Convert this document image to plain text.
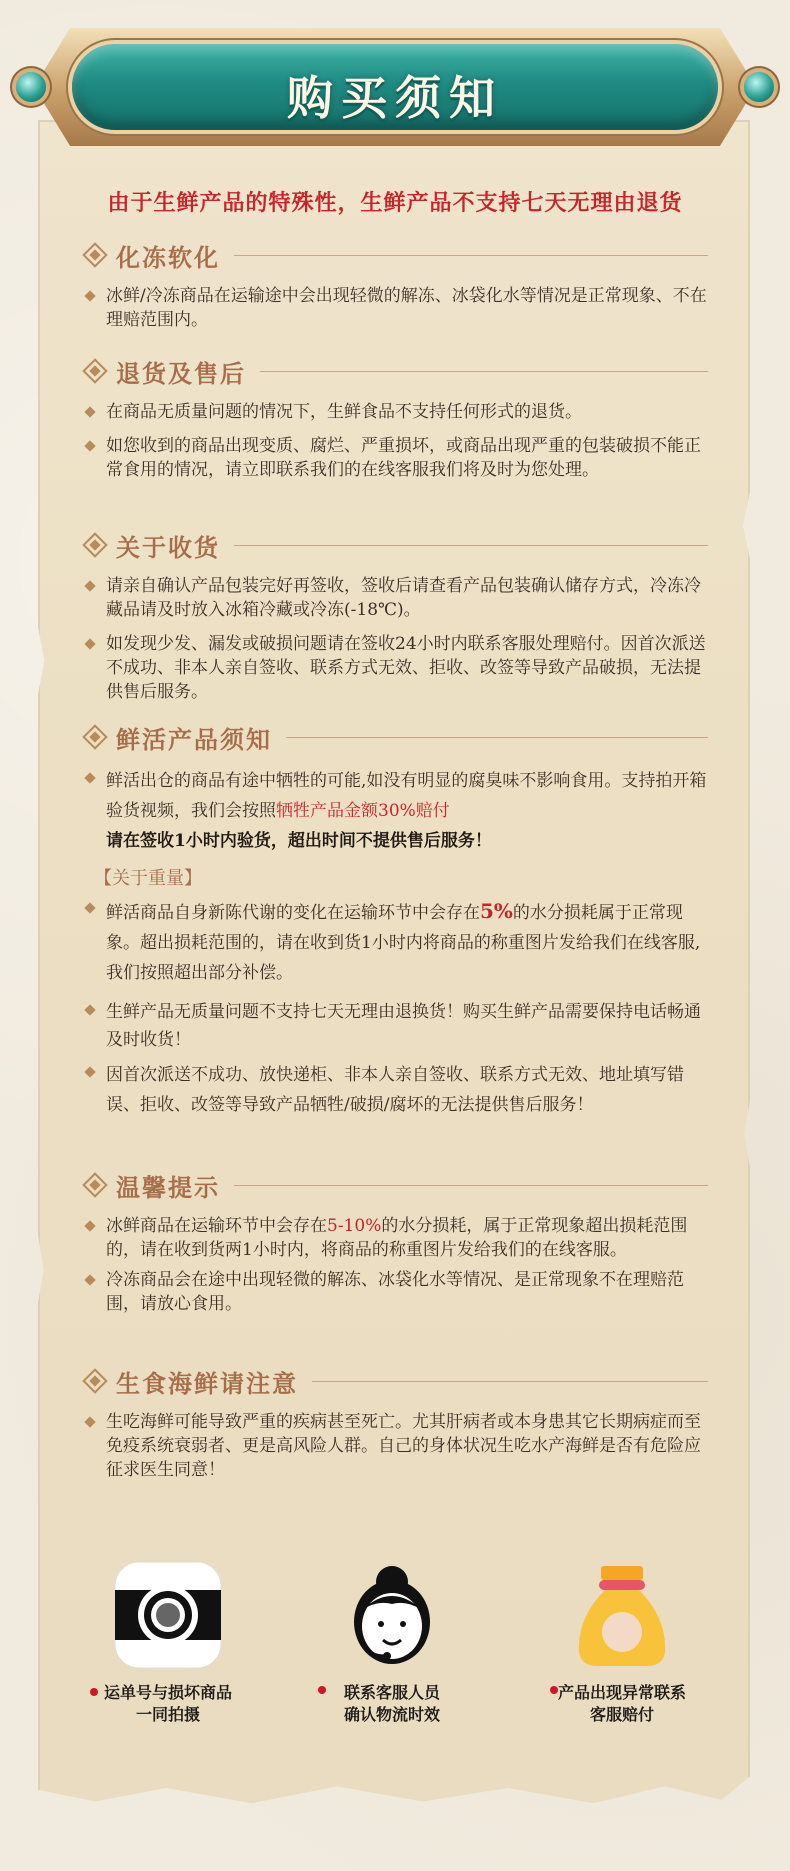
购买须知
由于生鲜产品的特殊性，生鲜产品不支持七天无理由退货
化冻软化
冰鲜/冷冻商品在运输途中会出现轻微的解冻、冰袋化水等情况是正常现象、不在理赔范围内。
退货及售后
在商品无质量问题的情况下，生鲜食品不支持任何形式的退货。
如您收到的商品出现变质、腐烂、严重损坏，或商品出现严重的包装破损不能正常食用的情况，请立即联系我们的在线客服我们将及时为您处理。
关于收货
请亲自确认产品包装完好再签收，签收后请查看产品包装确认储存方式，冷冻冷藏品请及时放入冰箱冷藏或冷冻(-18℃)。
如发现少发、漏发或破损问题请在签收24小时内联系客服处理赔付。因首次派送不成功、非本人亲自签收、联系方式无效、拒收、改签等导致产品破损，无法提供售后服务。
鲜活产品须知
鲜活出仓的商品有途中牺牲的可能,如没有明显的腐臭味不影响食用。支持拍开箱验货视频，我们会按照牺牲产品金额30%赔付
请在签收1小时内验货，超出时间不提供售后服务！
【关于重量】
鲜活商品自身新陈代谢的变化在运输环节中会存在5%的水分损耗属于正常现象。超出损耗范围的，请在收到货1小时内将商品的称重图片发给我们在线客服,我们按照超出部分补偿。
生鲜产品无质量问题不支持七天无理由退换货！购买生鲜产品需要保持电话畅通及时收货！
因首次派送不成功、放快递柜、非本人亲自签收、联系方式无效、地址填写错误、拒收、改签等导致产品牺牲/破损/腐坏的无法提供售后服务！
温馨提示
冰鲜商品在运输环节中会存在5-10%的水分损耗，属于正常现象超出损耗范围的，请在收到货两1小时内，将商品的称重图片发给我们的在线客服。
冷冻商品会在途中出现轻微的解冻、冰袋化水等情况、是正常现象不在理赔范围，请放心食用。
生食海鲜请注意
生吃海鲜可能导致严重的疾病甚至死亡。尤其肝病者或本身患其它长期病症而至免疫系统衰弱者、更是高风险人群。自己的身体状况生吃水产海鲜是否有危险应征求医生同意！
运单号与损坏商品
一同拍摄
联系客服人员
确认物流时效
产品出现异常联系
客服赔付
